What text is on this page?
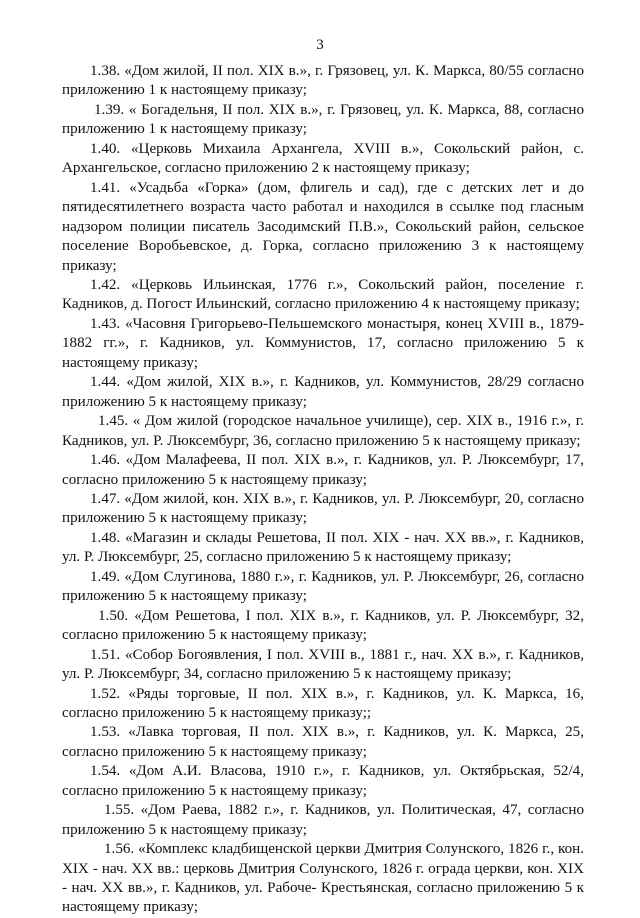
3

1.38. «Дом жилой, II пол. XIX в.», г. Грязовец, ул. К. Маркса, 80/55 согласно приложению 1 к настоящему приказу;

1.39. « Богадельня, II пол. XIX в.», г. Грязовец, ул. К. Маркса, 88, согласно приложению 1 к настоящему приказу;

1.40. «Церковь Михаила Архангела, XVIII в.», Сокольский район, с. Архангельское, согласно приложению 2 к настоящему приказу;

1.41. «Усадьба «Горка» (дом, флигель и сад), где с детских лет и до пятидесятилетнего возраста часто работал и находился в ссылке под гласным надзором полиции писатель Засодимский П.В.», Сокольский район, сельское поселение Воробьевское, д. Горка, согласно приложению 3 к настоящему приказу;

1.42. «Церковь Ильинская, 1776 г.», Сокольский район, поселение г. Кадников, д. Погост Ильинский, согласно приложению 4 к настоящему приказу;

1.43. «Часовня Григорьево-Пельшемского монастыря, конец XVIII в., 1879-1882 гг.», г. Кадников, ул. Коммунистов, 17, согласно приложению 5 к настоящему приказу;

1.44. «Дом жилой, XIX в.», г. Кадников, ул. Коммунистов, 28/29 согласно приложению 5 к настоящему приказу;

1.45. « Дом жилой (городское начальное училище), сер. XIX в., 1916 г.», г. Кадников, ул. Р. Люксембург, 36, согласно приложению 5 к настоящему приказу;

1.46. «Дом Малафеева, II пол. XIX в.», г. Кадников, ул. Р. Люксембург, 17, согласно приложению 5 к настоящему приказу;

1.47. «Дом жилой, кон. XIX в.», г. Кадников, ул. Р. Люксембург, 20, согласно приложению 5 к настоящему приказу;

1.48. «Магазин и склады Решетова, II пол. XIX - нач. XX вв.», г. Кадников, ул. Р. Люксембург, 25, согласно приложению 5 к настоящему приказу;

1.49. «Дом Слугинова, 1880 г.», г. Кадников, ул. Р. Люксембург, 26, согласно приложению 5 к настоящему приказу;

1.50. «Дом Решетова, I пол. XIX в.», г. Кадников, ул. Р. Люксембург, 32, согласно приложению 5 к настоящему приказу;

1.51. «Собор Богоявления, I пол. XVIII в., 1881 г., нач. XX в.», г. Кадников, ул. Р. Люксембург, 34, согласно приложению 5 к настоящему приказу;

1.52. «Ряды торговые, II пол. XIX в.», г. Кадников, ул. К. Маркса, 16, согласно приложению 5 к настоящему приказу;;

1.53. «Лавка торговая, II пол. XIX в.», г. Кадников, ул. К. Маркса, 25, согласно приложению 5 к настоящему приказу;

1.54. «Дом А.И. Власова, 1910 г.», г. Кадников, ул. Октябрьская, 52/4, согласно приложению 5 к настоящему приказу;

1.55. «Дом Раева, 1882 г.», г. Кадников, ул. Политическая, 47, согласно приложению 5 к настоящему приказу;

1.56. «Комплекс кладбищенской церкви Дмитрия Солунского, 1826 г., кон. XIX - нач. XX вв.: церковь Дмитрия Солунского, 1826 г. ограда церкви, кон. XIX - нач. XX вв.», г. Кадников, ул. Рабоче- Крестьянская, согласно приложению 5 к настоящему приказу;
